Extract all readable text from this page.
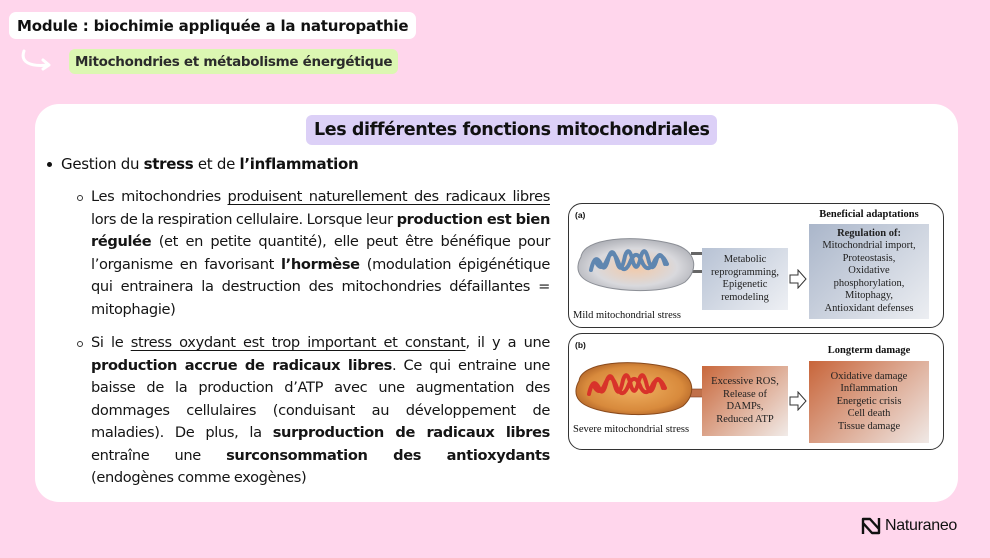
Module : biochimie appliquée a la naturopathie
Mitochondries et métabolisme énergétique
Les différentes fonctions mitochondriales
Gestion du stress et de l’inflammation

Les mitochondries produisent naturellement des radicaux libres lors de la respiration cellulaire. Lorsque leur production est bien régulée (et en petite quantité), elle peut être bénéfique pour l’organisme en favorisant l’hormèse (modulation épigénétique qui entrainera la destruction des mitochondries défaillantes = mitophagie)

Si le stress oxydant est trop important et constant, il y a une production accrue de radicaux libres. Ce qui entraine une baisse de la production d’ATP avec une augmentation des dommages cellulaires (conduisant au développement de maladies). De plus, la surproduction de radicaux libres entraîne une surconsommation des antioxydants (endogènes comme exogènes)

(a)
Mild mitochondrial stress
Metabolic
reprogramming,
Epigenetic
remodeling
Beneficial adaptations
Regulation of:
Mitochondrial import,
Proteostasis,
Oxidative
phosphorylation,
Mitophagy,
Antioxidant defenses
(b)
Severe mitochondrial stress
Excessive ROS,
Release of
DAMPs,
Reduced ATP
Longterm damage
Oxidative damage
Inflammation
Energetic crisis
Cell death
Tissue damage
Naturaneo
